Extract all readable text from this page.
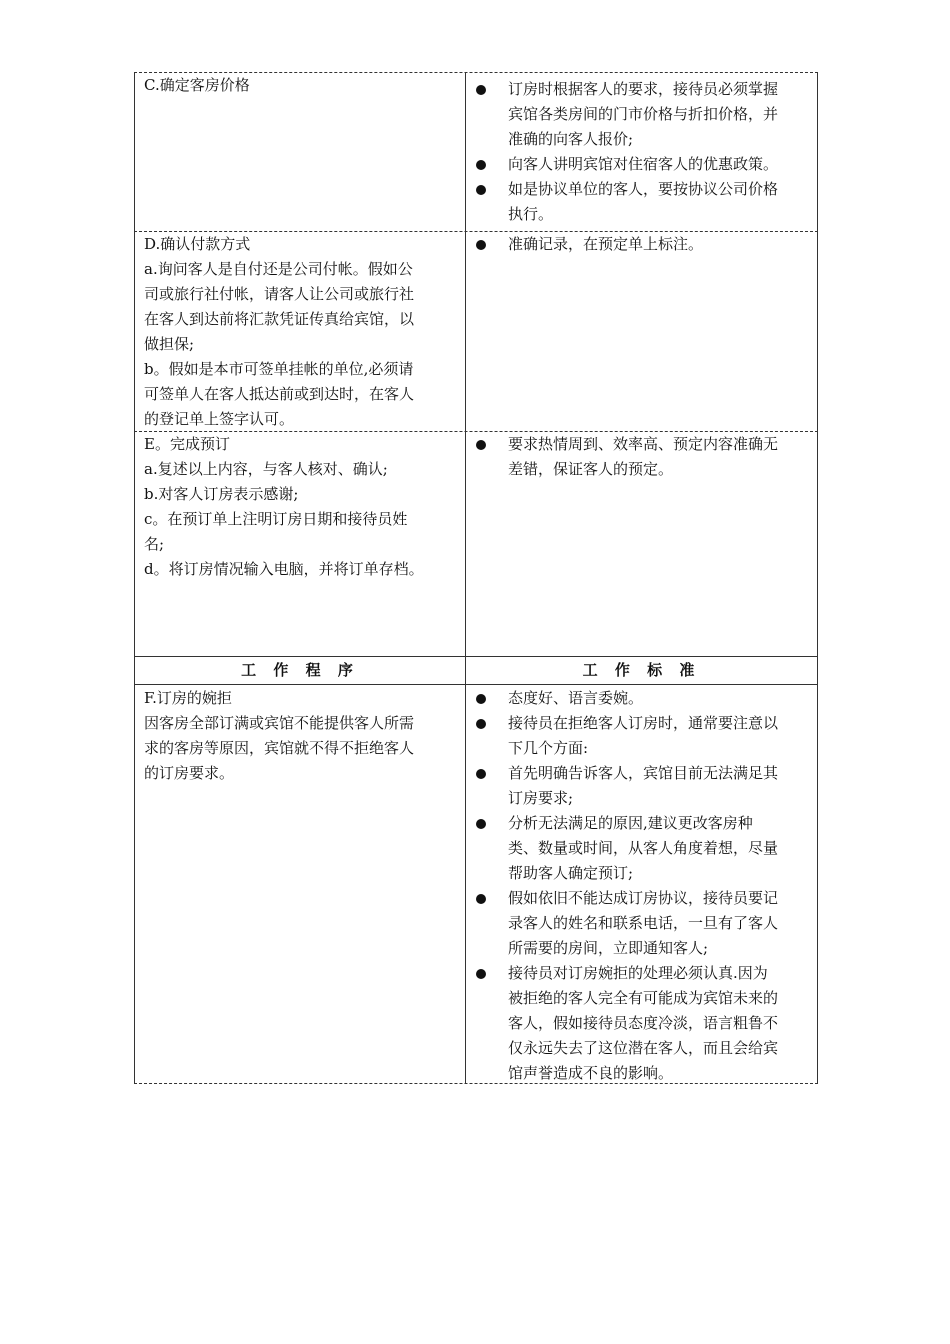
C.确定客房价格	订房时根据客人的要求，接待员必须掌握
宾馆各类房间的门市价格与折扣价格，并
准确的向客人报价;
向客人讲明宾馆对住宿客人的优惠政策。
如是协议单位的客人，要按协议公司价格
执行。
D.确认付款方式
a.询问客人是自付还是公司付帐。假如公
司或旅行社付帐，请客人让公司或旅行社
在客人到达前将汇款凭证传真给宾馆，以
做担保;
b。假如是本市可签单挂帐的单位,必须请
可签单人在客人抵达前或到达时，在客人
的登记单上签字认可。
准确记录，在预定单上标注。
E。完成预订
a.复述以上内容，与客人核对、确认;
b.对客人订房表示感谢;
c。在预订单上注明订房日期和接待员姓
名;
d。将订房情况输入电脑，并将订单存档。
要求热情周到、效率高、预定内容准确无
差错，保证客人的预定。
工 作 程 序	工 作 标 准
F.订房的婉拒
因客房全部订满或宾馆不能提供客人所需
求的客房等原因，宾馆就不得不拒绝客人
的订房要求。
态度好、语言委婉。
接待员在拒绝客人订房时，通常要注意以
下几个方面:
首先明确告诉客人，宾馆目前无法满足其
订房要求;
分析无法满足的原因,建议更改客房种
类、数量或时间，从客人角度着想，尽量
帮助客人确定预订;
假如依旧不能达成订房协议，接待员要记
录客人的姓名和联系电话，一旦有了客人
所需要的房间，立即通知客人;
接待员对订房婉拒的处理必须认真.因为
被拒绝的客人完全有可能成为宾馆未来的
客人，假如接待员态度冷淡，语言粗鲁不
仅永远失去了这位潜在客人，而且会给宾
馆声誉造成不良的影响。
